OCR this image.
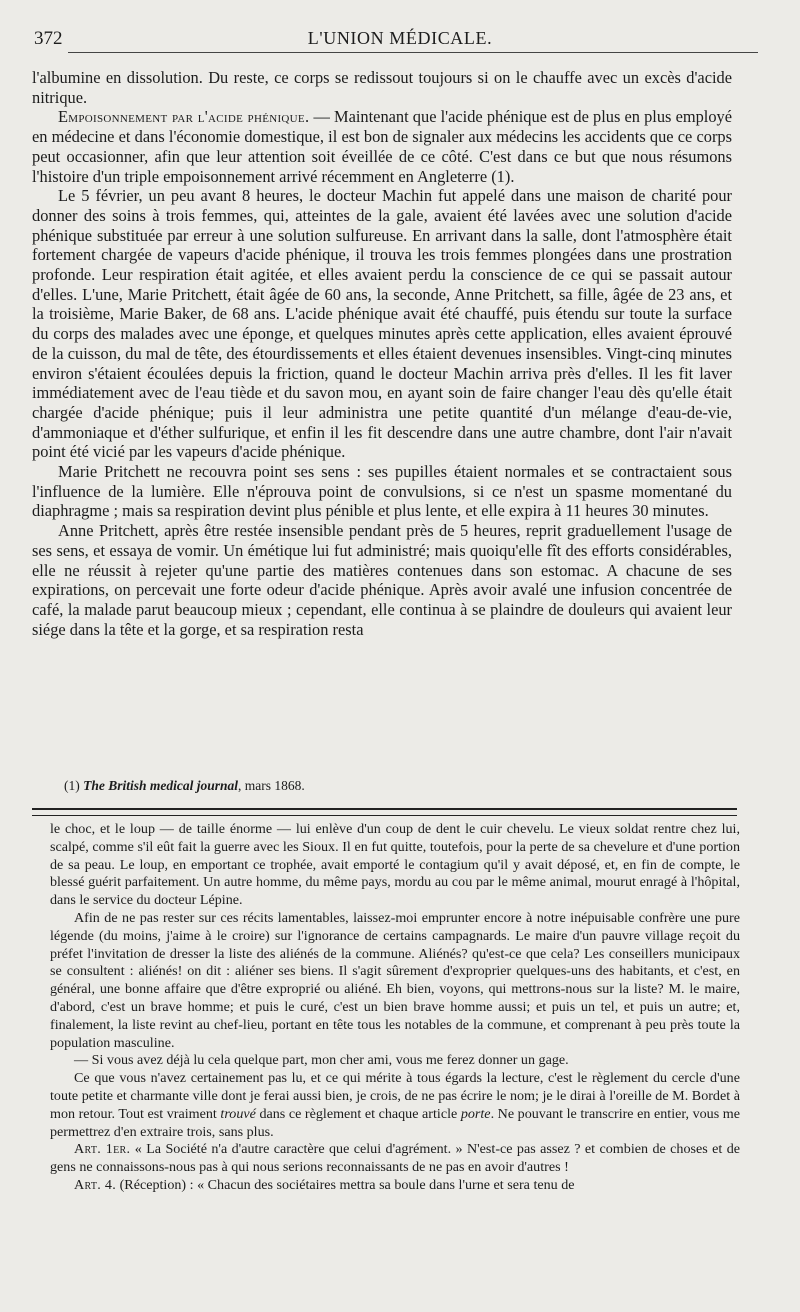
372	L'UNION MÉDICALE.

l'albumine en dissolution. Du reste, ce corps se redissout toujours si on le chauffe avec un excès d'acide nitrique.

Empoisonnement par l'acide phénique. — Maintenant que l'acide phénique est de plus en plus employé en médecine et dans l'économie domestique, il est bon de signaler aux médecins les accidents que ce corps peut occasionner, afin que leur attention soit éveillée de ce côté. C'est dans ce but que nous résumons l'histoire d'un triple empoisonnement arrivé récemment en Angleterre (1).

Le 5 février, un peu avant 8 heures, le docteur Machin fut appelé dans une maison de charité pour donner des soins à trois femmes, qui, atteintes de la gale, avaient été lavées avec une solution d'acide phénique substituée par erreur à une solution sulfureuse. En arrivant dans la salle, dont l'atmosphère était fortement chargée de vapeurs d'acide phénique, il trouva les trois femmes plongées dans une prostration profonde. Leur respiration était agitée, et elles avaient perdu la conscience de ce qui se passait autour d'elles. L'une, Marie Pritchett, était âgée de 60 ans, la seconde, Anne Pritchett, sa fille, âgée de 23 ans, et la troisième, Marie Baker, de 68 ans. L'acide phénique avait été chauffé, puis étendu sur toute la surface du corps des malades avec une éponge, et quelques minutes après cette application, elles avaient éprouvé de la cuisson, du mal de tête, des étourdissements et elles étaient devenues insensibles. Vingt-cinq minutes environ s'étaient écoulées depuis la friction, quand le docteur Machin arriva près d'elles. Il les fit laver immédiatement avec de l'eau tiède et du savon mou, en ayant soin de faire changer l'eau dès qu'elle était chargée d'acide phénique; puis il leur administra une petite quantité d'un mélange d'eau-de-vie, d'ammoniaque et d'éther sulfurique, et enfin il les fit descendre dans une autre chambre, dont l'air n'avait point été vicié par les vapeurs d'acide phénique.

Marie Pritchett ne recouvra point ses sens : ses pupilles étaient normales et se contractaient sous l'influence de la lumière. Elle n'éprouva point de convulsions, si ce n'est un spasme momentané du diaphragme ; mais sa respiration devint plus pénible et plus lente, et elle expira à 11 heures 30 minutes.

Anne Pritchett, après être restée insensible pendant près de 5 heures, reprit graduellement l'usage de ses sens, et essaya de vomir. Un émétique lui fut administré; mais quoiqu'elle fît des efforts considérables, elle ne réussit à rejeter qu'une partie des matières contenues dans son estomac. A chacune de ses expirations, on percevait une forte odeur d'acide phénique. Après avoir avalé une infusion concentrée de café, la malade parut beaucoup mieux ; cependant, elle continua à se plaindre de douleurs qui avaient leur siége dans la tête et la gorge, et sa respiration resta

(1) The British medical journal, mars 1868.

le choc, et le loup — de taille énorme — lui enlève d'un coup de dent le cuir chevelu. Le vieux soldat rentre chez lui, scalpé, comme s'il eût fait la guerre avec les Sioux. Il en fut quitte, toutefois, pour la perte de sa chevelure et d'une portion de sa peau. Le loup, en emportant ce trophée, avait emporté le contagium qu'il y avait déposé, et, en fin de compte, le blessé guérit parfaitement. Un autre homme, du même pays, mordu au cou par le même animal, mourut enragé à l'hôpital, dans le service du docteur Lépine.

Afin de ne pas rester sur ces récits lamentables, laissez-moi emprunter encore à notre inépuisable confrère une pure légende (du moins, j'aime à le croire) sur l'ignorance de certains campagnards. Le maire d'un pauvre village reçoit du préfet l'invitation de dresser la liste des aliénés de la commune. Aliénés? qu'est-ce que cela? Les conseillers municipaux se consultent : aliénés! on dit : aliéner ses biens. Il s'agit sûrement d'exproprier quelques-uns des habitants, et c'est, en général, une bonne affaire que d'être exproprié ou aliéné. Eh bien, voyons, qui mettrons-nous sur la liste? M. le maire, d'abord, c'est un brave homme; et puis le curé, c'est un bien brave homme aussi; et puis un tel, et puis un autre; et, finalement, la liste revint au chef-lieu, portant en tête tous les notables de la commune, et comprenant à peu près toute la population masculine.

— Si vous avez déjà lu cela quelque part, mon cher ami, vous me ferez donner un gage.

Ce que vous n'avez certainement pas lu, et ce qui mérite à tous égards la lecture, c'est le règlement du cercle d'une toute petite et charmante ville dont je ferai aussi bien, je crois, de ne pas écrire le nom; je le dirai à l'oreille de M. Bordet à mon retour. Tout est vraiment trouvé dans ce règlement et chaque article porte. Ne pouvant le transcrire en entier, vous me permettrez d'en extraire trois, sans plus.

Art. 1er. « La Société n'a d'autre caractère que celui d'agrément. » N'est-ce pas assez ? et combien de choses et de gens ne connaissons-nous pas à qui nous serions reconnaissants de ne pas en avoir d'autres !

Art. 4. (Réception) : « Chacun des sociétaires mettra sa boule dans l'urne et sera tenu de
